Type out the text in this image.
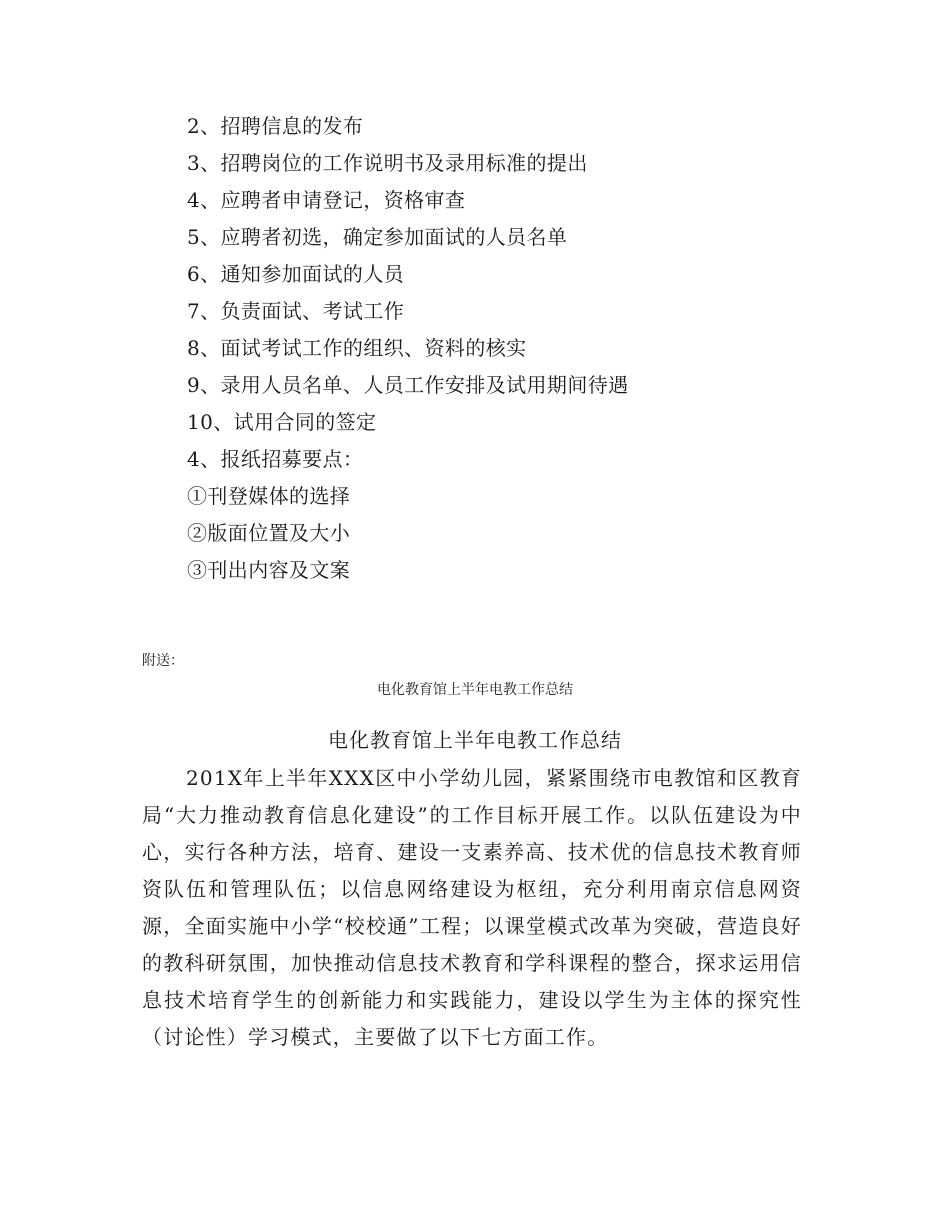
2、招聘信息的发布
3、招聘岗位的工作说明书及录用标准的提出
4、应聘者申请登记，资格审查
5、应聘者初选，确定参加面试的人员名单
6、通知参加面试的人员
7、负责面试、考试工作
8、面试考试工作的组织、资料的核实
9、录用人员名单、人员工作安排及试用期间待遇
10、试用合同的签定
4、报纸招募要点：
①刊登媒体的选择
②版面位置及大小
③刊出内容及文案
附送：
电化教育馆上半年电教工作总结
电化教育馆上半年电教工作总结

201X年上半年XXX区中小学幼儿园，紧紧围绕市电教馆和区教育局“大力推动教育信息化建设”的工作目标开展工作。以队伍建设为中心，实行各种方法，培育、建设一支素养高、技术优的信息技术教育师资队伍和管理队伍；以信息网络建设为枢纽，充分利用南京信息网资源，全面实施中小学“校校通”工程；以课堂模式改革为突破，营造良好的教科研氛围，加快推动信息技术教育和学科课程的整合，探求运用信息技术培育学生的创新能力和实践能力，建设以学生为主体的探究性（讨论性）学习模式，主要做了以下七方面工作。
